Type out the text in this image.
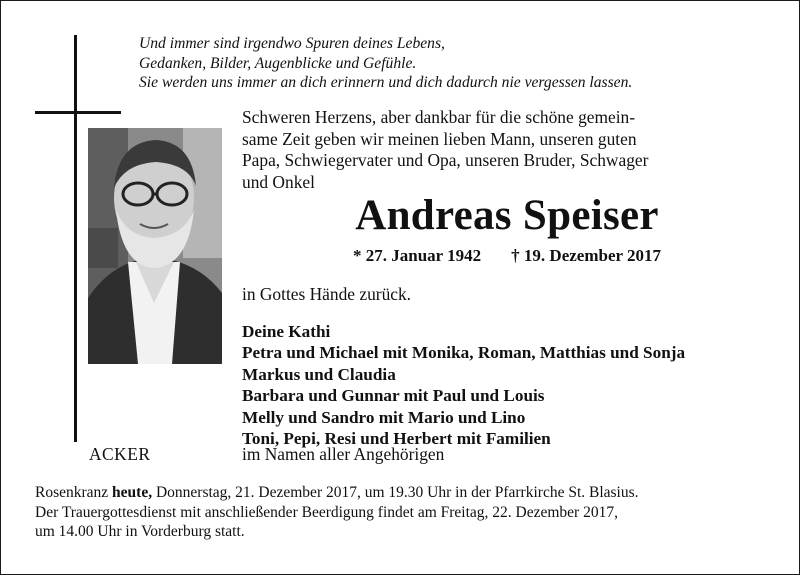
Und immer sind irgendwo Spuren deines Lebens,
Gedanken, Bilder, Augenblicke und Gefühle.
Sie werden uns immer an dich erinnern und dich dadurch nie vergessen lassen.
Schweren Herzens, aber dankbar für die schöne gemein-
same Zeit geben wir meinen lieben Mann, unseren guten
Papa, Schwiegervater und Opa, unseren Bruder, Schwager
und Onkel
Andreas Speiser
* 27. Januar 1942 † 19. Dezember 2017
in Gottes Hände zurück.
Deine Kathi
Petra und Michael mit Monika, Roman, Matthias und Sonja
Markus und Claudia
Barbara und Gunnar mit Paul und Louis
Melly und Sandro mit Mario und Lino
Toni, Pepi, Resi und Herbert mit Familien
im Namen aller Angehörigen
ACKER
Rosenkranz heute, Donnerstag, 21. Dezember 2017, um 19.30 Uhr in der Pfarrkirche St. Blasius.
Der Trauergottesdienst mit anschließender Beerdigung findet am Freitag, 22. Dezember 2017,
um 14.00 Uhr in Vorderburg statt.
